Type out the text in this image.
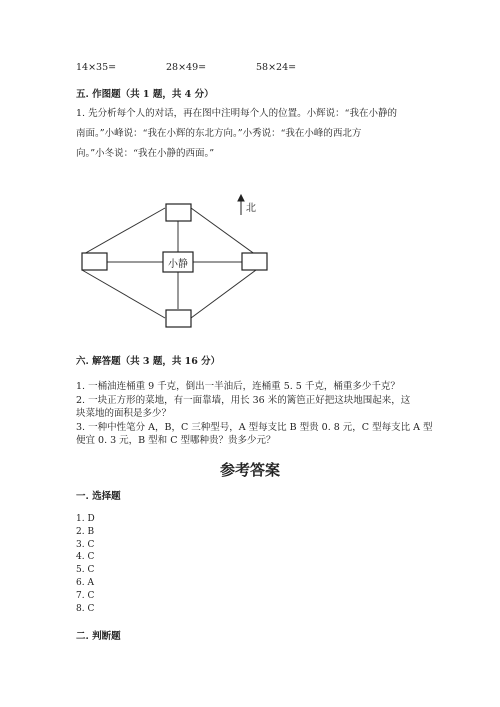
14×35=	28×49=	58×24=
五. 作图题（共 1 题，共 4 分）
1. 先分析每个人的对话，再在图中注明每个人的位置。小辉说：“我在小静的
南面。”小峰说：“我在小辉的东北方向。”小秀说：“我在小峰的西北方
向。”小冬说：“我在小静的西面。”
小静
北
六. 解答题（共 3 题，共 16 分）
1. 一桶油连桶重 9 千克，倒出一半油后，连桶重 5. 5 千克，桶重多少千克？
2. 一块正方形的菜地，有一面靠墙，用长 36 米的篱笆正好把这块地围起来，这
块菜地的面积是多少？
3. 一种中性笔分 A，B，C 三种型号，A 型每支比 B 型贵 0. 8 元，C 型每支比 A 型
便宜 0. 3 元，B 型和 C 型哪种贵？贵多少元？
参考答案
一. 选择题
1. D
2. B
3. C
4. C
5. C
6. A
7. C
8. C
二. 判断题
